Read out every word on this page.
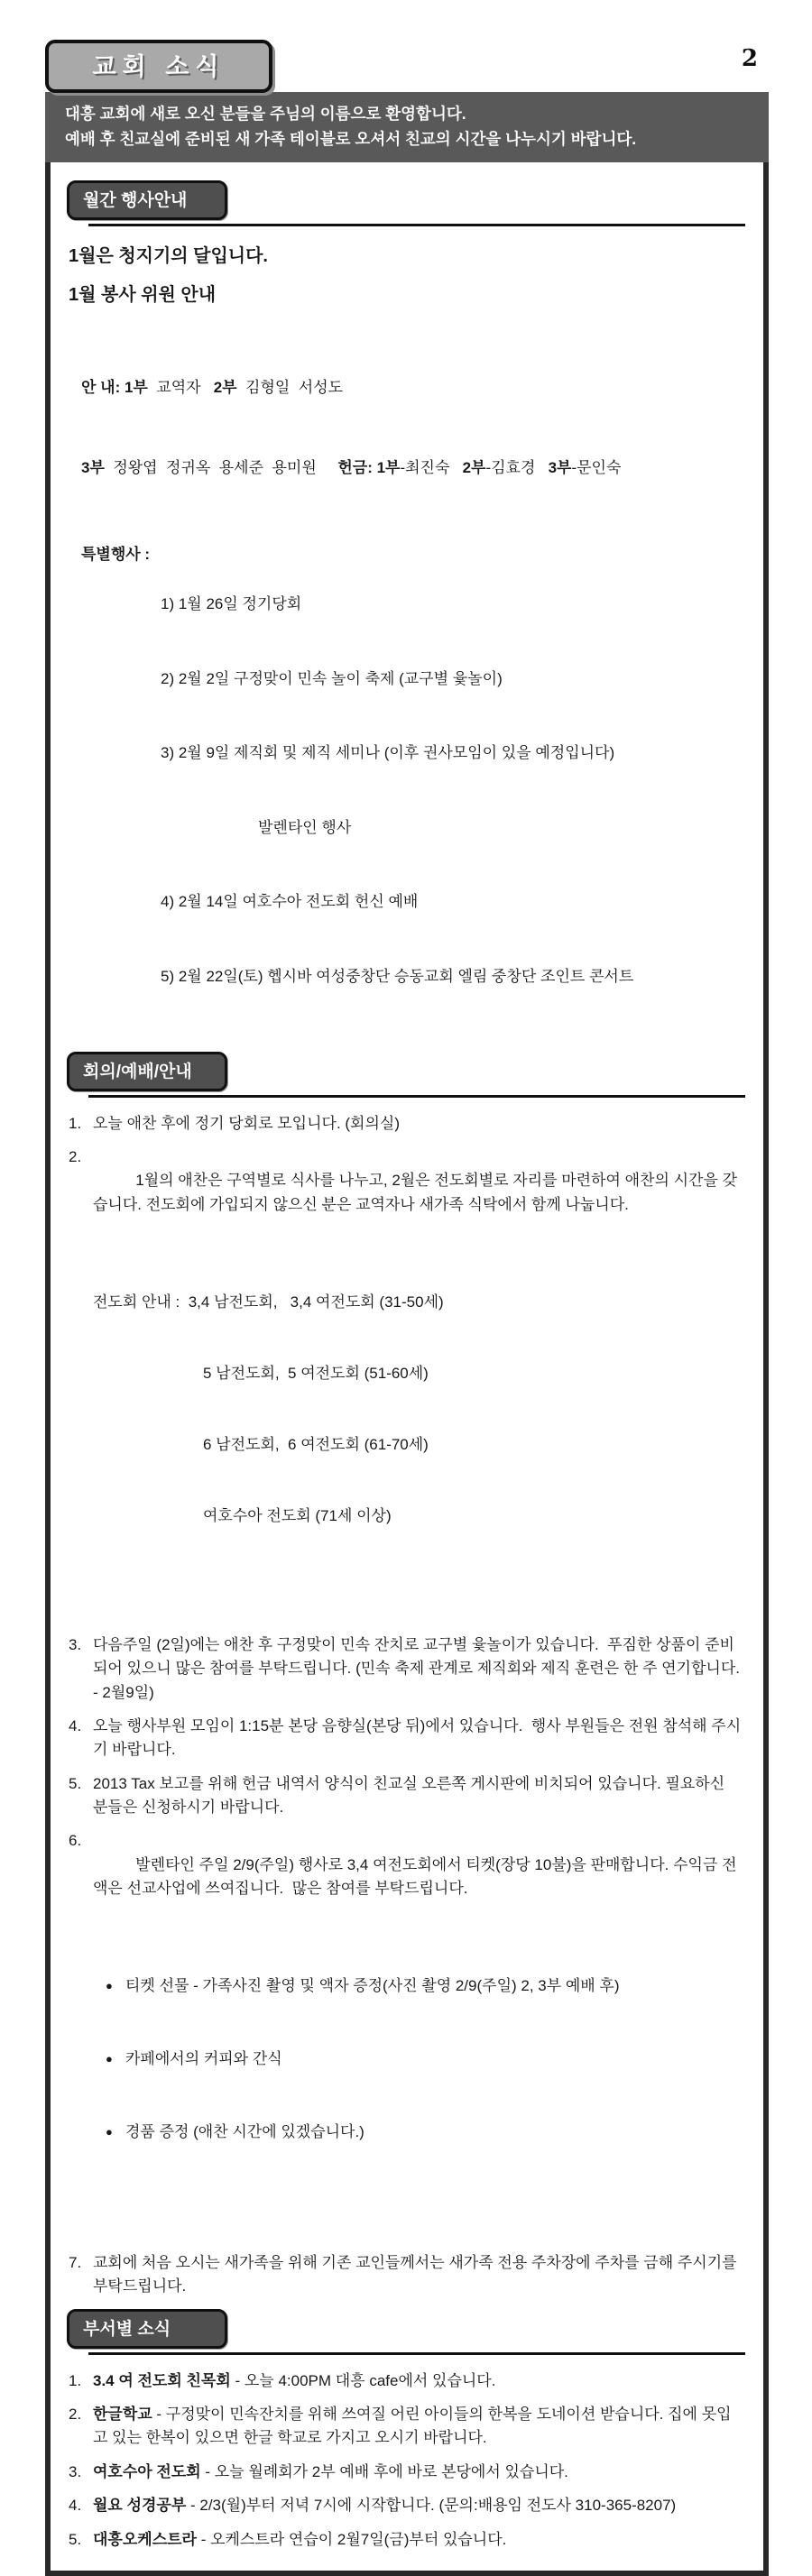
교회 소식	2
대흥 교회에 새로 오신 분들을 주님의 이름으로 환영합니다.
예배 후 친교실에 준비된 새 가족 테이블로 오셔서 친교의 시간을 나누시기 바랍니다.
월간 행사안내
1월은 청지기의 달입니다.
1월 봉사 위원 안내

안 내: 1부  교역자   2부  김형일  서성도

3부  정왕엽  정귀옥  용세준  용미원     헌금: 1부-최진숙   2부-김효경   3부-문인숙

특별행사 :

1) 1월 26일 정기당회

2) 2월 2일 구정맞이 민속 놀이 축제 (교구별 윷놀이)

3) 2월 9일 제직회 및 제직 세미나 (이후 권사모임이 있을 예정입니다)

발렌타인 행사

4) 2월 14일 여호수아 전도회 헌신 예배

5) 2월 22일(토) 헵시바 여성중창단 승동교회 엘림 중창단 조인트 콘서트

회의/예배/안내
1. 오늘 애찬 후에 정기 당회로 모입니다. (회의실)
2.

1월의 애찬은 구역별로 식사를 나누고, 2월은 전도회별로 자리를 마련하여 애찬의 시간을 갖습니다. 전도회에 가입되지 않으신 분은 교역자나 새가족 식탁에서 함께 나눕니다.

전도회 안내 :  3,4 남전도회,   3,4 여전도회 (31-50세)

5 남전도회,  5 여전도회 (51-60세)

6 남전도회,  6 여전도회 (61-70세)

여호수아 전도회 (71세 이상)

3. 다음주일 (2일)에는 애찬 후 구정맞이 민속 잔치로 교구별 윷놀이가 있습니다.  푸짐한 상품이 준비되어 있으니 많은 참여를 부탁드립니다. (민속 축제 관계로 제직회와 제직 훈련은 한 주 연기합니다. - 2월9일)
4. 오늘 행사부원 모임이 1:15분 본당 음향실(본당 뒤)에서 있습니다.  행사 부원들은 전원 참석해 주시기 바랍니다.
5. 2013 Tax 보고를 위해 헌금 내역서 양식이 친교실 오른쪽 게시판에 비치되어 있습니다. 필요하신 분들은 신청하시기 바랍니다.
6.

발렌타인 주일 2/9(주일) 행사로 3,4 여전도회에서 티켓(장당 10불)을 판매합니다. 수익금 전액은 선교사업에 쓰여집니다.  많은 참여를 부탁드립니다.

● 티켓 선물 - 가족사진 촬영 및 액자 증정(사진 촬영 2/9(주일) 2, 3부 예배 후)

● 카페에서의 커피와 간식

● 경품 증정 (애찬 시간에 있겠습니다.)

7. 교회에 처음 오시는 새가족을 위해 기존 교인들께서는 새가족 전용 주차장에 주차를 금해 주시기를 부탁드립니다.
부서별 소식
1. 3.4 여 전도회 친목회 - 오늘 4:00PM 대흥 cafe에서 있습니다.
2. 한글학교 - 구정맞이 민속잔치를 위해 쓰여질 어린 아이들의 한복을 도네이션 받습니다. 집에 못입고 있는 한복이 있으면 한글 학교로 가지고 오시기 바랍니다.
3. 여호수아 전도회 - 오늘 월례회가 2부 예배 후에 바로 본당에서 있습니다.
4. 월요 성경공부 - 2/3(월)부터 저녁 7시에 시작합니다. (문의:배용임 전도사 310-365-8207)
5. 대흥오케스트라 - 오케스트라 연습이 2월7일(금)부터 있습니다.
